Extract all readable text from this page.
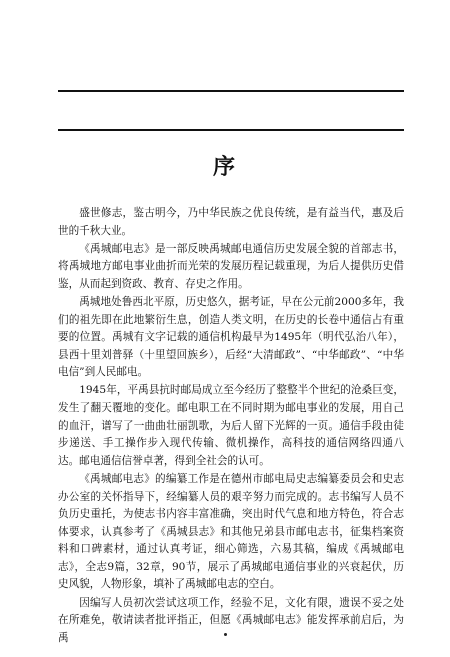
序

盛世修志，鉴古明今，乃中华民族之优良传统，是有益当代，惠及后世的千秋大业。

《禹城邮电志》是一部反映禹城邮电通信历史发展全貌的首部志书，将禹城地方邮电事业曲折而光荣的发展历程记载重现，为后人提供历史借鉴，从而起到资政、教育、存史之作用。

禹城地处鲁西北平原，历史悠久，据考证，早在公元前2000多年，我们的祖先即在此地繁衍生息，创造人类文明，在历史的长卷中通信占有重要的位置。禹城有文字记载的通信机构最早为1495年（明代弘治八年），县西十里刘普驿（十里望回族乡），后经“大清邮政”、“中华邮政”、“中华电信”到人民邮电。

1945年，平禹县抗时邮局成立至今经历了整整半个世纪的沧桑巨变，发生了翻天覆地的变化。邮电职工在不同时期为邮电事业的发展，用自己的血汗，谱写了一曲曲壮丽凯歌，为后人留下光辉的一页。通信手段由徒步递送、手工操作步入现代传输、微机操作，高科技的通信网络四通八达。邮电通信信誉卓著，得到全社会的认可。

《禹城邮电志》的编纂工作是在德州市邮电局史志编纂委员会和史志办公室的关怀指导下，经编纂人员的艰辛努力而完成的。志书编写人员不负历史重托，为使志书内容丰富准确，突出时代气息和地方特色，符合志体要求，认真参考了《禹城县志》和其他兄弟县市邮电志书，征集档案资料和口碑素材，通过认真考证，细心筛选，六易其稿，编成《禹城邮电志》，全志9篇，32章，90节，展示了禹城邮电通信事业的兴衰起伏，历史风貌，人物形象，填补了禹城邮电志的空白。

因编写人员初次尝试这项工作，经验不足，文化有限，遗误不妥之处在所难免，敬请读者批评指正，但愿《禹城邮电志》能发挥承前启后，为禹
